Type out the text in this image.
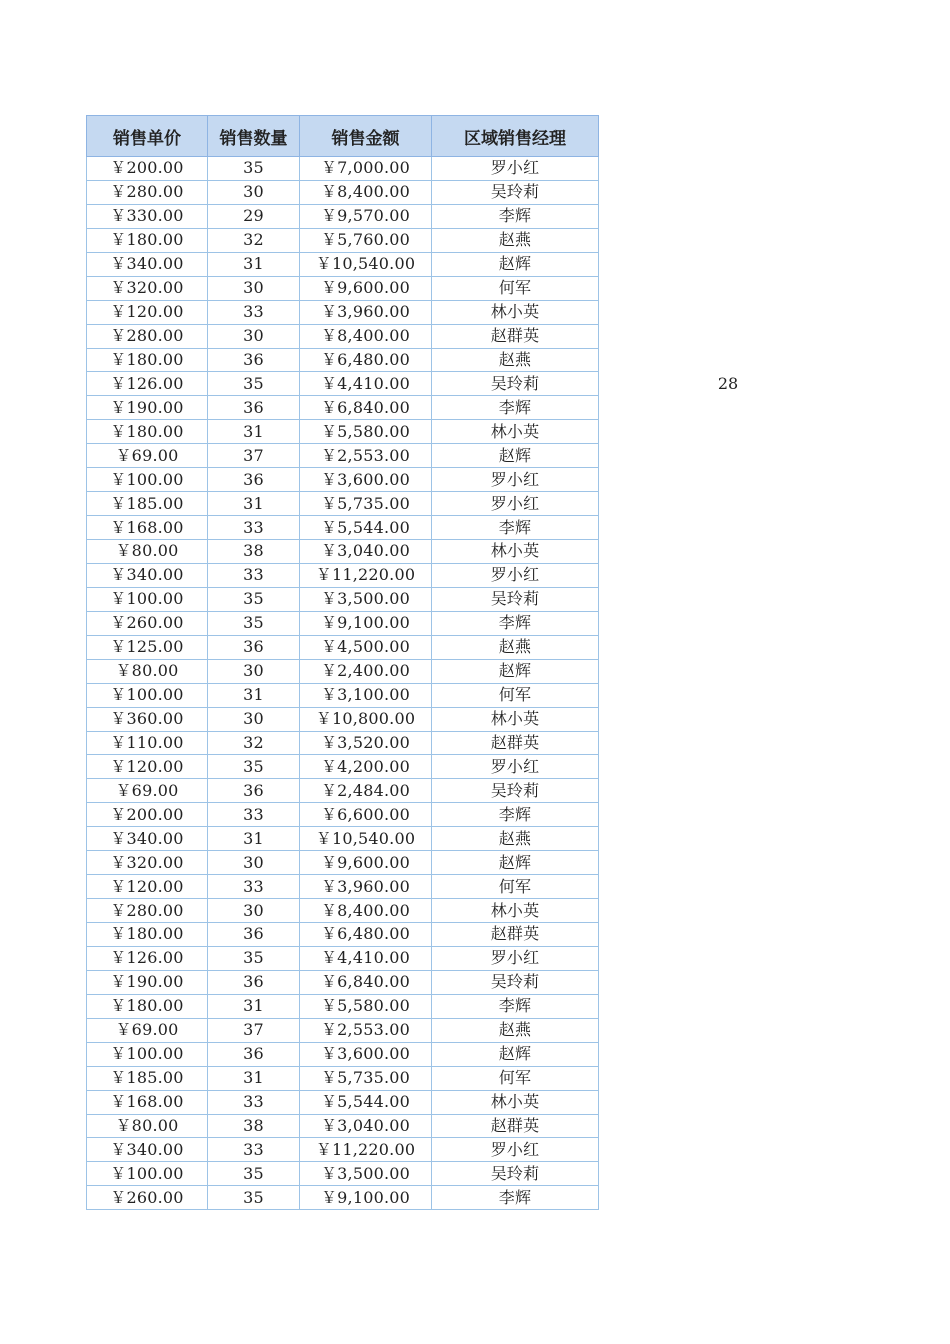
销售单价	销售数量	销售金额	区域销售经理
￥200.00	35	￥7,000.00	罗小红
￥280.00	30	￥8,400.00	吴玲莉
￥330.00	29	￥9,570.00	李辉
￥180.00	32	￥5,760.00	赵燕
￥340.00	31	￥10,540.00	赵辉
￥320.00	30	￥9,600.00	何军
￥120.00	33	￥3,960.00	林小英
￥280.00	30	￥8,400.00	赵群英
￥180.00	36	￥6,480.00	赵燕
￥126.00	35	￥4,410.00	吴玲莉
￥190.00	36	￥6,840.00	李辉
￥180.00	31	￥5,580.00	林小英
￥69.00	37	￥2,553.00	赵辉
￥100.00	36	￥3,600.00	罗小红
￥185.00	31	￥5,735.00	罗小红
￥168.00	33	￥5,544.00	李辉
￥80.00	38	￥3,040.00	林小英
￥340.00	33	￥11,220.00	罗小红
￥100.00	35	￥3,500.00	吴玲莉
￥260.00	35	￥9,100.00	李辉
￥125.00	36	￥4,500.00	赵燕
￥80.00	30	￥2,400.00	赵辉
￥100.00	31	￥3,100.00	何军
￥360.00	30	￥10,800.00	林小英
￥110.00	32	￥3,520.00	赵群英
￥120.00	35	￥4,200.00	罗小红
￥69.00	36	￥2,484.00	吴玲莉
￥200.00	33	￥6,600.00	李辉
￥340.00	31	￥10,540.00	赵燕
￥320.00	30	￥9,600.00	赵辉
￥120.00	33	￥3,960.00	何军
￥280.00	30	￥8,400.00	林小英
￥180.00	36	￥6,480.00	赵群英
￥126.00	35	￥4,410.00	罗小红
￥190.00	36	￥6,840.00	吴玲莉
￥180.00	31	￥5,580.00	李辉
￥69.00	37	￥2,553.00	赵燕
￥100.00	36	￥3,600.00	赵辉
￥185.00	31	￥5,735.00	何军
￥168.00	33	￥5,544.00	林小英
￥80.00	38	￥3,040.00	赵群英
￥340.00	33	￥11,220.00	罗小红
￥100.00	35	￥3,500.00	吴玲莉
￥260.00	35	￥9,100.00	李辉
28
